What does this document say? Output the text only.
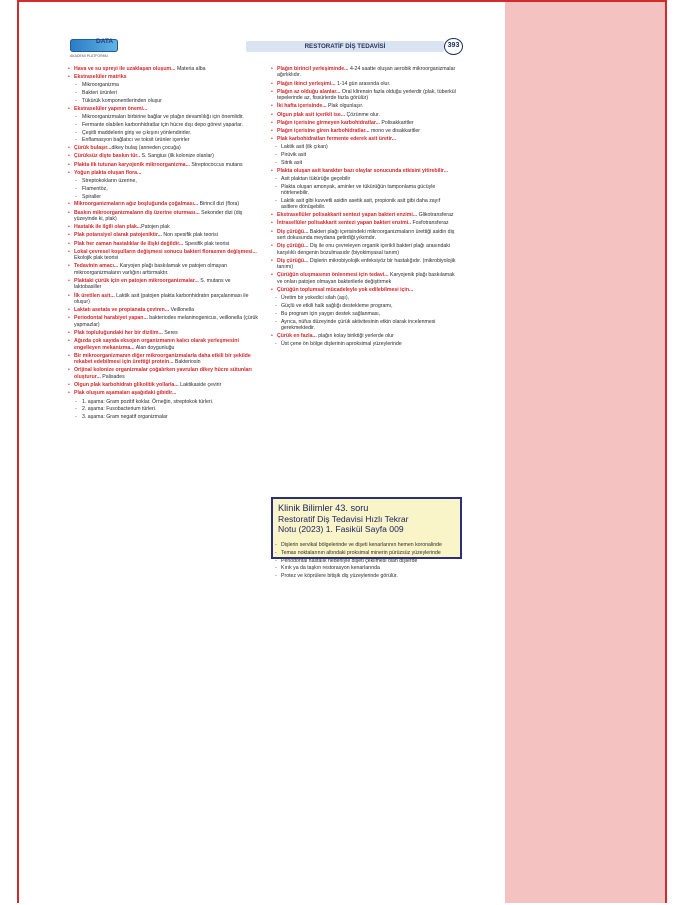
DATA
AKADEMİ PLATFORMU
RESTORATİF DİŞ TEDAVİSİ	393
• Hava ve su spreyi ile uzaklaşan oluşum... Materia alba
• Ekstraselüler matriks
- Mikroorganizma
- Bakteri ürünleri
- Tükürük komponentlerinden oluşur
• Ekstraselüler yapının önemi...
- Mikroorganizmaları birbirine bağlar ve plağın devamlılığı için önemlidir.
- Fermante olabilen karbonhidratlar için hücre dışı depo görevi yaparlar.
- Çeşitli maddelerin giriş ve çıkışını yönlendirirler.
- Enflamasyon bağlatıcı ve toksit ürünler içerirler
• Çürük bulaşır...dikey bulaş (anneden çocuğa)
• Çürüksüz dişte baskın tür.. S. Sangius (ilk kolonize olanlar)
• Plakta ilk tutunan karyojenik mikroorganizma... Streptococcus mutans
• Yoğun plakta oluşan flora...
- Streptokokların üzerine,
- Flamentöz,
- Spiraller
• Mikroorganizmaların ağız boşluğunda çoğalması... Birincil dizi (flora)
• Baskın mikroorganizmaların diş üzerine oturması... Sekonder dizi (diş yüzeyinde ki, plak)
• Hastalık ile ilgili olan plak...Patojen plak
• Plak potansiyel olarak patojeniktir... Non spesifik plak teorisi
• Plak her zaman hastalıklar ile ilişki değildir... Spesifik plak teorisi
• Lokal çevresel koşulların değişmesi sonucu bakteri florasının değişmesi... Ekolojik plak teorisi
• Tedavinin amacı... Karyojen plağı baskılamak ve patojen olmayan mikroorganizmaların varlığını arttırmaktır.
• Plaktaki çürük için en patojen mikroorganizmalar... S. mutans ve laktobasiller
• İlk üretilen asit... Laktik asit (patojen plakta karbonhidratın parçalanması ile oluşur)
• Laktatı asetata ve propianata çeviren... Veillonella
• Periodontal harabiyet yapan... bakteriodes melaninogenicus, veillonella (çürük yapmazlar)
• Plak topluluğundaki her bir dizilim... Seres
• Ağızda çok sayıda eksojen organizmanın kalıcı olarak yerleşmesini engelleyen mekanizma... Alan doygunluğu
• Bir mikroorganizmanın diğer mikroorganizmalarla daha etkili bir şekilde rekabet edebilmesi için ürettiği protein... Bakteriosin
• Orijinal kolonize organizmalar çoğalırken yavruları dikey hücre sütunları oluşturur... Palisades
• Olgun plak karbohidratı glikolitik yollarla... Laktikaside çevirir
• Plak oluşum aşamaları aşağıdaki gibidir...
- 1. aşama: Gram pozitif koklar. Örneğin, streptokok türleri.
- 2. aşama: Fusobacterium türleri.
- 3. aşama: Gram negatif organizmalar
• Plağın birincil yerleşiminde... 4-24 saatte oluşan aerobik mikroorganizmalar ağırlıklıdır.
• Plağın ikinci yerleşimi... 1-14 gün arasında olur.
• Plağın az olduğu alanlar... Oral klirensin fazla olduğu yerlerdir (plak, tüberkül tepelerinde az, fissürlerde fazla görülür)
• İki hafta içerisinde... Plak olgunlaşır.
• Olgun plak asit içerikli ise... Çözünme olur.
• Plağın içerisine girmeyen karbohidratlar... Polisakkaritler
• Plağın içerisine giren karbohidratlar... mono ve disakkaritler
• Plak karbohidratları fermente ederek asit üretir...
- Laktik asit (ilk çıkan)
- Pirüvik asit
- Sitrik asit
• Plakta oluşan asit karakter bazı olaylar sonucunda etkisini yitirebilir...
- Asit plaktan tükürüğe geçebilir
- Plakta oluşan amonyak, aminler ve tükürüğün tamponlama gücüyle nötrlenebilir.
- Laktik asit gibi kuvvetli asidin asetik asit, propionik asit gibi daha zayıf asitlere dönüşebilir.
• Ekstrasellüler polisakkarit sentezi yapan bakteri enzimi... Glikotransferaz
• İntrasellüler polisakkarit sentezi yapan bakteri enzimi.. Fosfotransferaz
• Diş çürüğü... Bakteri plağı içerisindeki mikroorganizmaların ürettiği asidin diş sert dokusunda meydana getirdiği yıkımdır.
• Diş çürüğü... Diş ile onu çevreleyen organik içerikli bakteri plağı arasındaki karşılıklı dengenin bozulmasıdır (biyokimyasal tanım)
• Diş çürüğü... Dişlerin mikrobiyolojik enfeksiyöz bir hastalığıdır. (mikrobiyolojik tanımı)
• Çürüğün oluşmasının önlenmesi için tedavi... Karyojenik plağı baskılamak ve onları patojen olmayan bakterilerle değiştirmek
• Çürüğün toplumsal mücadeleyle yok edilebilmesi için...
- Üretim bir yokedici silah (aşı),
- Güçlü ve etkili halk sağlığı destekleme programı,
- Bu program için yaygın destek sağlanması,
- Ayrıca, nüfus düzeyinde çürük aktivitesinin etkin olarak incelenmesi gerekmektedir.
• Çürük en fazla... plağın kolay biriktiği yerlerde olur
- Üst çene ön bölge dişlerinin aproksimal yüzeylerinde
Klinik Bilimler 43. soru
Restoratif Diş Tedavisi Hızlı Tekrar
Notu (2023) 1. Fasikül Sayfa 009
- Dişlerin servikal bölgelerinde ve dişeti kenarlarının hemen koronalinde
- Temas noktalarının altındaki proksimal minerin pürüzsüz yüzeylerinde
- Periodontal hastalık nedeniyle dişeti çekilmesi olan dişlerde
- Kırık ya da taşkın restorasyon kenarlarında
- Protez ve köprülere bitişik diş yüzeylerinde görülür.
